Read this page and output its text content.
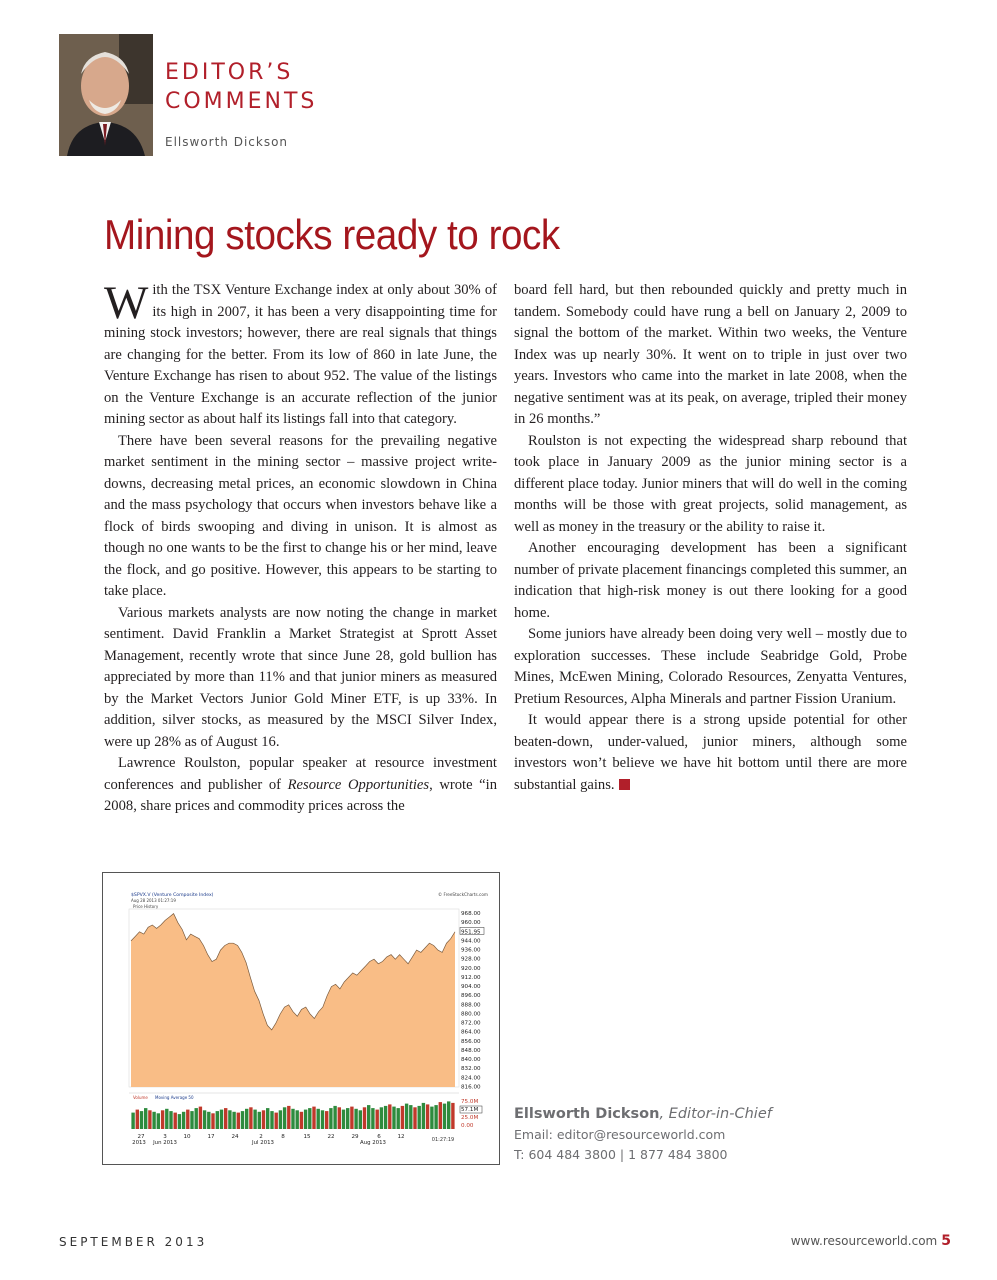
EDITOR’S
COMMENTS
Ellsworth Dickson
Mining stocks ready to rock

With the TSX Venture Exchange index at only about 30% of its high in 2007, it has been a very disappointing time for mining stock investors; however, there are real signals that things are changing for the better. From its low of 860 in late June, the Venture Exchange has risen to about 952. The value of the listings on the Venture Exchange is an accurate reflection of the junior mining sector as about half its listings fall into that category.

There have been several reasons for the prevailing negative market sentiment in the mining sector – massive project write-downs, decreasing metal prices, an economic slowdown in China and the mass psychology that occurs when investors behave like a flock of birds swooping and diving in unison. It is almost as though no one wants to be the first to change his or her mind, leave the flock, and go positive. However, this appears to be starting to take place.

Various markets analysts are now noting the change in market sentiment. David Franklin a Market Strategist at Sprott Asset Management, recently wrote that since June 28, gold bullion has appreciated by more than 11% and that junior miners as measured by the Market Vectors Junior Gold Miner ETF, is up 33%. In addition, silver stocks, as measured by the MSCI Silver Index, were up 28% as of August 16.

Lawrence Roulston, popular speaker at resource investment conferences and publisher of Resource Opportunities, wrote “in 2008, share prices and commodity prices across the

board fell hard, but then rebounded quickly and pretty much in tandem. Somebody could have rung a bell on January 2, 2009 to signal the bottom of the market. Within two weeks, the Venture Index was up nearly 30%. It went on to triple in just over two years. Investors who came into the market in late 2008, when the negative sentiment was at its peak, on average, tripled their money in 26 months.”

Roulston is not expecting the widespread sharp rebound that took place in January 2009 as the junior mining sector is a different place today. Junior miners that will do well in the coming months will be those with great projects, solid management, as well as money in the treasury or the ability to raise it.

Another encouraging development has been a significant number of private placement financings completed this summer, an indication that high-risk money is out there looking for a good home.

Some juniors have already been doing very well – mostly due to exploration successes. These include Seabridge Gold, Probe Mines, McEwen Mining, Colorado Resources, Zenyatta Ventures, Pretium Resources, Alpha Minerals and partner Fission Uranium.

It would appear there is a strong upside potential for other beaten-down, under-valued, junior miners, although some investors won’t believe we have hit bottom until there are more substantial gains.

$SPVX.V (Venture Composite Index)
Aug 28 2013 01:27:19
Price History
© FreeStockCharts.com
968.00
960.00
951.95
944.00
936.00
928.00
920.00
912.00
904.00
896.00
888.00
880.00
872.00
864.00
856.00
848.00
840.00
832.00
824.00
816.00
Volume Moving Average 50
75.0M
57.1M
25.0M
0.00
27	3	10	17	24	2	8	15	22	29	6	12
2013 Jun 2013	Jul 2013	Aug 2013	01:27:19
Ellsworth Dickson, Editor-in-Chief
Email: editor@resourceworld.com
T: 604 484 3800 | 1 877 484 3800
SEPTEMBER 2013	www.resourceworld.com 5
